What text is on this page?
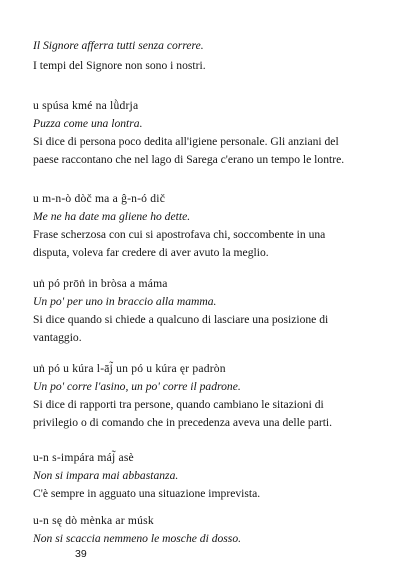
Il Signore afferra tutti senza correre.
I tempi del Signore non sono i nostri.
u spúsa kmé na lǜdrja
Puzza come una lontra.
Si dice di persona poco dedita all'igiene personale. Gli anziani del
paese raccontano che nel lago di Sarega c'erano un tempo le lontre.
u m-n-ò dòč ma a ĝ-n-ó dič
Me ne ha date ma gliene ho dette.
Frase scherzosa con cui si apostrofava chi, soccombente in una
disputa, voleva far credere di aver avuto la meglio.
uṅ pó prōṅ in bròsa a máma
Un po' per uno in braccio alla mamma.
Si dice quando si chiede a qualcuno di lasciare una posizione di
vantaggio.
uṅ pó u kúra l-āj̃ un pó u kúra ęr padròn
Un po' corre l'asino, un po' corre il padrone.
Si dice di rapporti tra persone, quando cambiano le sitazioni di
privilegio o di comando che in precedenza aveva una delle parti.
u-n s-impára máj̃ asè
Non si impara mai abbastanza.
C'è sempre in agguato una situazione imprevista.
u-n sę dò mènka ar músk
Non si scaccia nemmeno le mosche di dosso.
39
